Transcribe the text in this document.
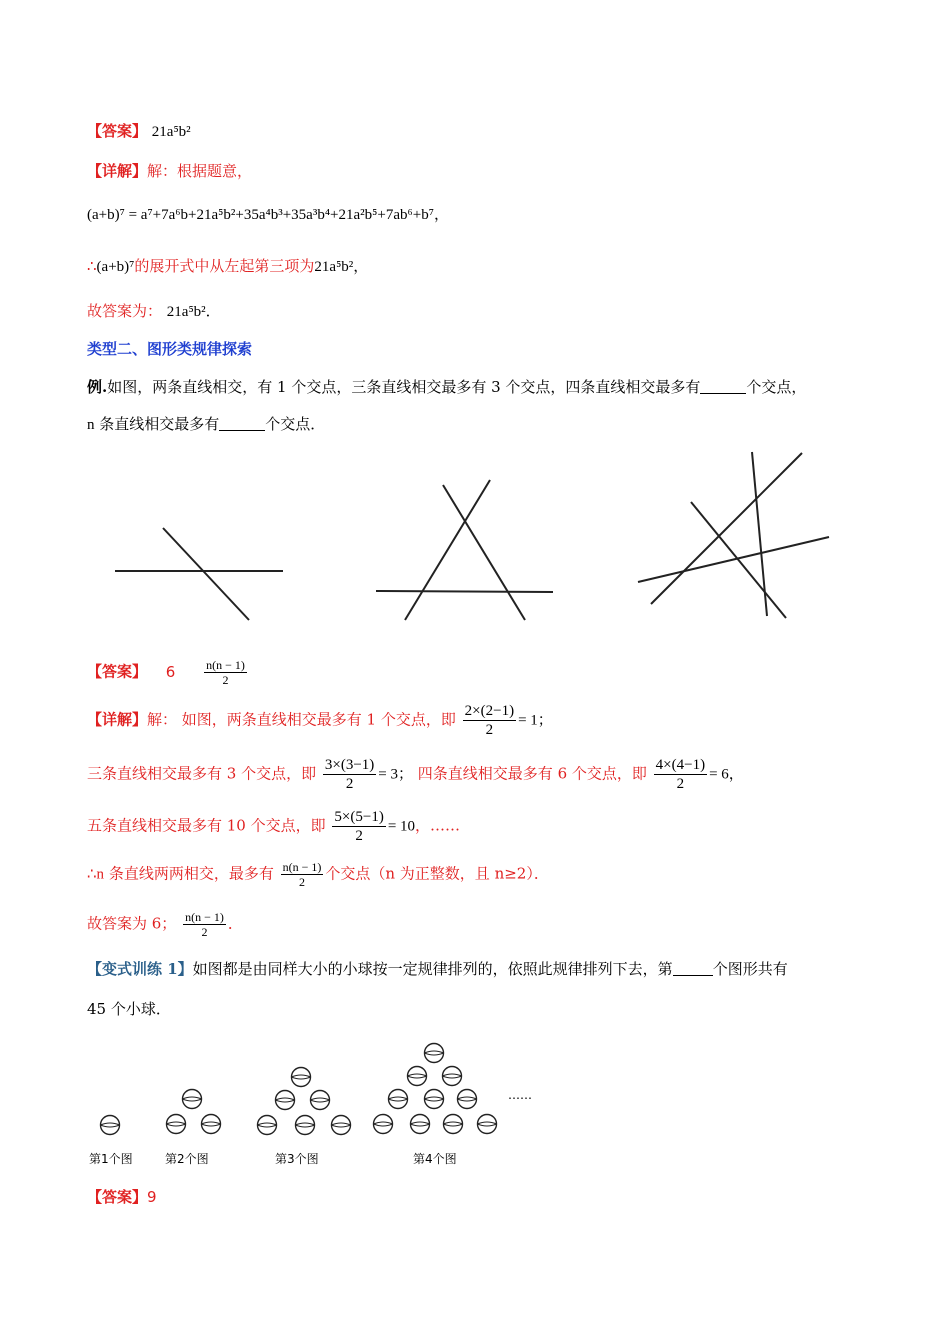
【答案】 21a⁵b²
【详解】解：根据题意，
(a+b)⁷ = a⁷+7a⁶b+21a⁵b²+35a⁴b³+35a³b⁴+21a²b⁵+7ab⁶+b⁷，
∴(a+b)⁷的展开式中从左起第三项为21a⁵b²，
故答案为： 21a⁵b²．
类型二、图形类规律探索
例.如图，两条直线相交，有 1 个交点，三条直线相交最多有 3 个交点，四条直线相交最多有	个交点，
n 条直线相交最多有	个交点．
【答案】 $6 \frac{n(n - 1)}{2}$
【详解】解： 如图，两条直线相交最多有 1 个交点，即 $\frac{2\times(2-1)}{2} = 1$；
三条直线相交最多有 3 个交点，即 $\frac{3\times(3-1)}{2} = 3$； 四条直线相交最多有 6 个交点，即 $\frac{4\times(4-1)}{2} = 6$，
五条直线相交最多有 10 个交点，即 $\frac{5\times(5-1)}{2} = 10$，……
∴n 条直线两两相交，最多有 $\frac{n(n - 1)}{2}$ 个交点（n 为正整数，且 n≥2）．
故答案为 6； $\frac{n(n - 1)}{2}$ ．
【变式训练 1】如图都是由同样大小的小球按一定规律排列的，依照此规律排列下去，第	个图形共有
45 个小球．
……
第1个图	第2个图	第3个图	第4个图
【答案】9
